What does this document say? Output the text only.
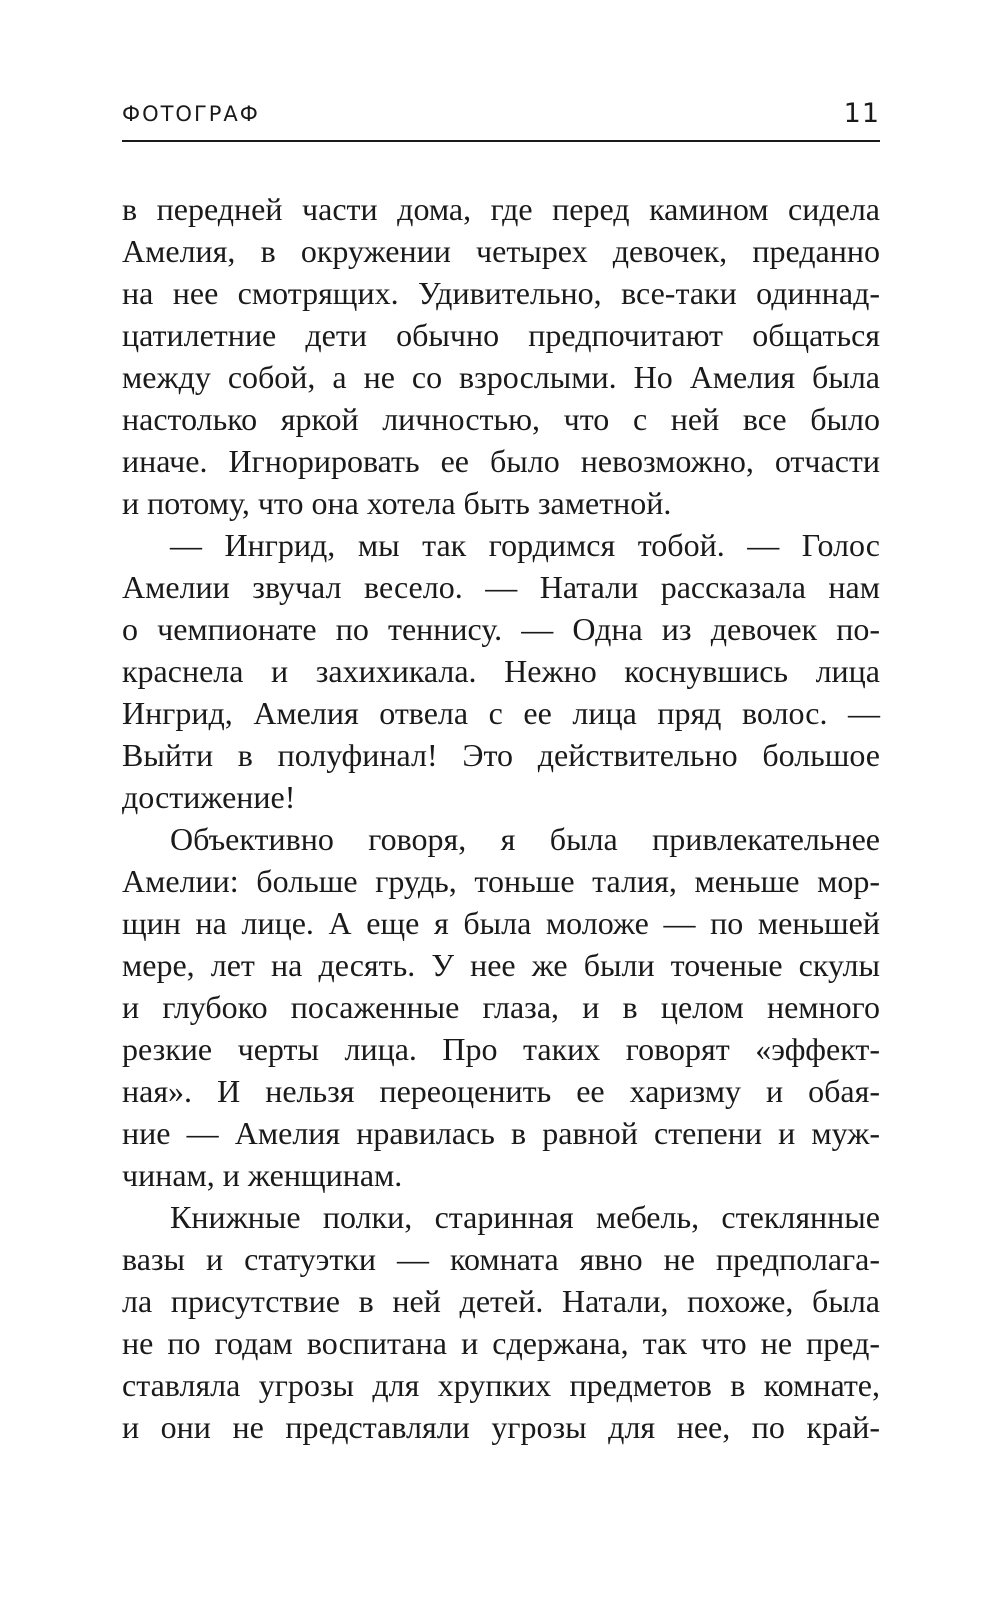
ФОТОГРАФ	11
в передней части дома, где перед камином сидела
Амелия, в окружении четырех девочек, преданно
на нее смотрящих. Удивительно, все-таки одиннад-
цатилетние дети обычно предпочитают общаться
между собой, а не со взрослыми. Но Амелия была
настолько яркой личностью, что с ней все было
иначе. Игнорировать ее было невозможно, отчасти
и потому, что она хотела быть заметной.
— Ингрид, мы так гордимся тобой. — Голос
Амелии звучал весело. — Натали рассказала нам
о чемпионате по теннису. — Одна из девочек по-
краснела и захихикала. Нежно коснувшись лица
Ингрид, Амелия отвела с ее лица пряд волос. —
Выйти в полуфинал! Это действительно большое
достижение!
Объективно говоря, я была привлекательнее
Амелии: больше грудь, тоньше талия, меньше мор-
щин на лице. А еще я была моложе — по меньшей
мере, лет на десять. У нее же были точеные скулы
и глубоко посаженные глаза, и в целом немного
резкие черты лица. Про таких говорят «эффект-
ная». И нельзя переоценить ее харизму и обая-
ние — Амелия нравилась в равной степени и муж-
чинам, и женщинам.
Книжные полки, старинная мебель, стеклянные
вазы и статуэтки — комната явно не предполага-
ла присутствие в ней детей. Натали, похоже, была
не по годам воспитана и сдержана, так что не пред-
ставляла угрозы для хрупких предметов в комнате,
и они не представляли угрозы для нее, по край-
